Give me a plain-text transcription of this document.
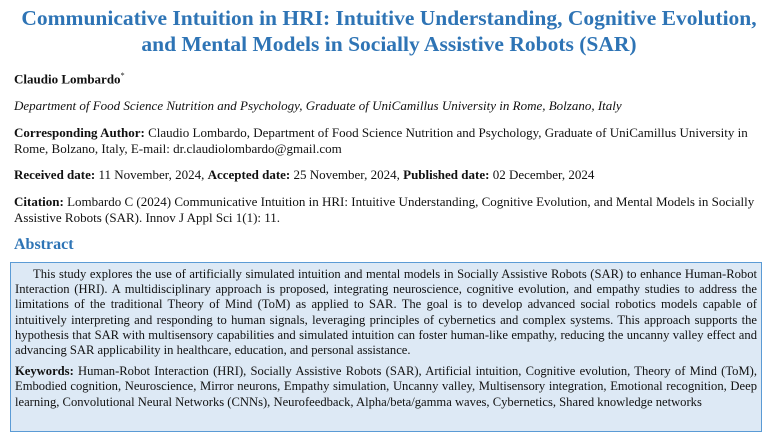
Communicative Intuition in HRI: Intuitive Understanding, Cognitive Evolution, and Mental Models in Socially Assistive Robots (SAR)
Claudio Lombardo*
Department of Food Science Nutrition and Psychology, Graduate of UniCamillus University in Rome, Bolzano, Italy
Corresponding Author: Claudio Lombardo, Department of Food Science Nutrition and Psychology, Graduate of UniCamillus University in Rome, Bolzano, Italy, E-mail: dr.claudiolombardo@gmail.com
Received date: 11 November, 2024, Accepted date: 25 November, 2024, Published date: 02 December, 2024
Citation: Lombardo C (2024) Communicative Intuition in HRI: Intuitive Understanding, Cognitive Evolution, and Mental Models in Socially Assistive Robots (SAR). Innov J Appl Sci 1(1): 11.
Abstract

This study explores the use of artificially simulated intuition and mental models in Socially Assistive Robots (SAR) to enhance Human-Robot Interaction (HRI). A multidisciplinary approach is proposed, integrating neuroscience, cognitive evolution, and empathy studies to address the limitations of the traditional Theory of Mind (ToM) as applied to SAR. The goal is to develop advanced social robotics models capable of intuitively interpreting and responding to human signals, leveraging principles of cybernetics and complex systems. This approach supports the hypothesis that SAR with multisensory capabilities and simulated intuition can foster human-like empathy, reducing the uncanny valley effect and advancing SAR applicability in healthcare, education, and personal assistance.

Keywords: Human-Robot Interaction (HRI), Socially Assistive Robots (SAR), Artificial intuition, Cognitive evolution, Theory of Mind (ToM), Embodied cognition, Neuroscience, Mirror neurons, Empathy simulation, Uncanny valley, Multisensory integration, Emotional recognition, Deep learning, Convolutional Neural Networks (CNNs), Neurofeedback, Alpha/beta/gamma waves, Cybernetics, Shared knowledge networks
